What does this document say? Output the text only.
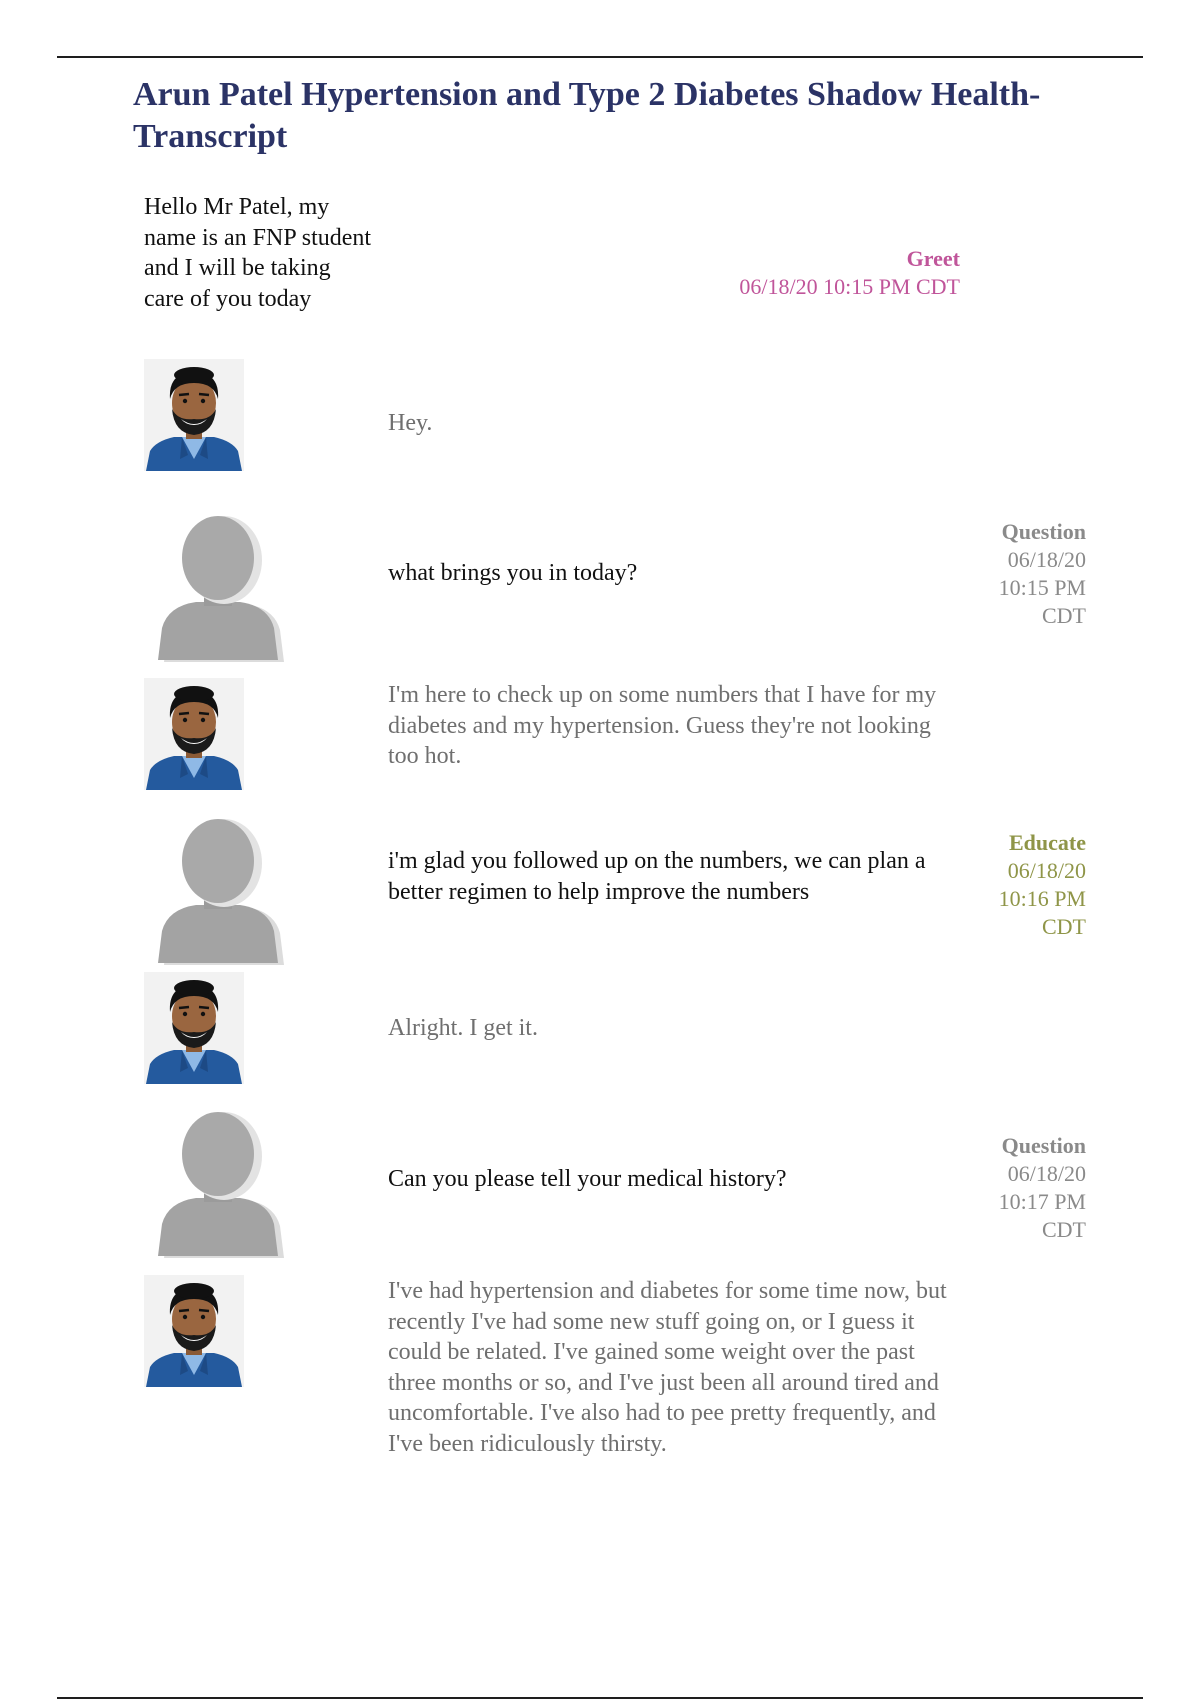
Arun Patel Hypertension and Type 2 Diabetes Shadow Health- Transcript
Hello Mr Patel, my name is an FNP student and I will be taking care of you today
Greet
06/18/20 10:15 PM CDT
Hey.
what brings you in today?
Question
06/18/20
10:15 PM
CDT
I'm here to check up on some numbers that I have for my diabetes and my hypertension. Guess they're not looking too hot.
i'm glad you followed up on the numbers, we can plan a better regimen to help improve the numbers
Educate
06/18/20
10:16 PM
CDT
Alright. I get it.
Can you please tell your medical history?
Question
06/18/20
10:17 PM
CDT
I've had hypertension and diabetes for some time now, but recently I've had some new stuff going on, or I guess it could be related. I've gained some weight over the past three months or so, and I've just been all around tired and uncomfortable. I've also had to pee pretty frequently, and I've been ridiculously thirsty.
